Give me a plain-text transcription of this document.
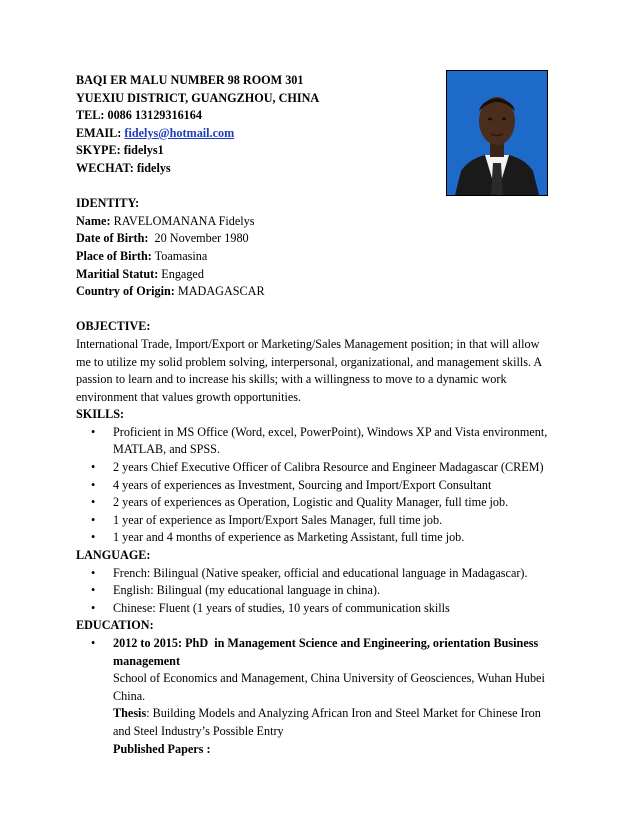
BAQI ER MALU NUMBER 98 ROOM 301
YUEXIU DISTRICT, GUANGZHOU, CHINA
TEL: 0086 13129316164
EMAIL: fidelys@hotmail.com
SKYPE: fidelys1
WECHAT: fidelys
IDENTITY:
Name: RAVELOMANANA Fidelys
Date of Birth:  20 November 1980
Place of Birth: Toamasina
Maritial Statut: Engaged
Country of Origin: MADAGASCAR
OBJECTIVE:
International Trade, Import/Export or Marketing/Sales Management position; in that will allow
me to utilize my solid problem solving, interpersonal, organizational, and management skills. A
passion to learn and to increase his skills; with a willingness to move to a dynamic work
environment that values growth opportunities.
SKILLS:
• Proficient in MS Office (Word, excel, PowerPoint), Windows XP and Vista environment,
MATLAB, and SPSS.
• 2 years Chief Executive Officer of Calibra Resource and Engineer Madagascar (CREM)
• 4 years of experiences as Investment, Sourcing and Import/Export Consultant
• 2 years of experiences as Operation, Logistic and Quality Manager, full time job.
• 1 year of experience as Import/Export Sales Manager, full time job.
• 1 year and 4 months of experience as Marketing Assistant, full time job.
LANGUAGE:
• French: Bilingual (Native speaker, official and educational language in Madagascar).
• English: Bilingual (my educational language in china).
• Chinese: Fluent (1 years of studies, 10 years of communication skills
EDUCATION:
• 2012 to 2015: PhD  in Management Science and Engineering, orientation Business
management
School of Economics and Management, China University of Geosciences, Wuhan Hubei
China.
Thesis: Building Models and Analyzing African Iron and Steel Market for Chinese Iron
and Steel Industry’s Possible Entry
Published Papers :
